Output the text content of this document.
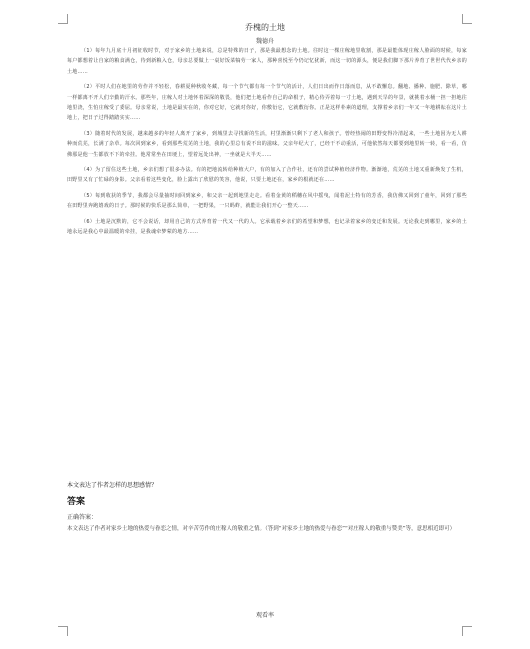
乔槐的土地
魏德舟

（1）每年九月底十月初征收时节，对于家乡的土地来说，总是特殊的日子，那是我最想念的土地。往时这一棵庄稼地里收割，那是最能体现庄稼人脸面的时候，每家每户都想着让自家的粮食满仓，待到新粮入仓，母亲总要做上一桌好饭菜犒劳一家人，那种喜悦至今仍记忆犹新，而这一切的源头，便是我们脚下那片养育了世世代代乡亲的土地……

（2）平时人们在地里的劳作并不轻松，春耕夏种秋收冬藏，每一个节气都有每一个节气的活计，人们日出而作日落而息，从不敢懈怠。翻地、播种、施肥、除草，哪一样都离不开人们辛勤的汗水。那些年，庄稼人对土地怀着深深的敬畏，他们把土地看作自己的命根子，精心侍弄着每一寸土地，遇到天旱的年景，就挑着水桶一担一担地往地里浇，生怕庄稼受了委屈。母亲常说，土地是最实在的，你对它好，它就对你好，你敷衍它，它就敷衍你。正是这样朴素的道理，支撑着乡亲们一年又一年地耕耘在这片土地上，把日子过得踏踏实实……

（3）随着时代的发展，越来越多的年轻人离开了家乡，到城里去寻找新的生活，村里渐渐只剩下了老人和孩子。曾经热闹的田野变得冷清起来，一些土地因为无人耕种而荒芜，长满了杂草。每次回到家乡，看到那些荒芜的土地，我的心里总有说不出的滋味。父亲年纪大了，已经干不动重活，可他依然每天都要到地里转一转，看一看，仿佛那是他一生都放不下的牵挂。他常常坐在田埂上，望着远处出神，一坐就是大半天……

（4）为了留住这些土地，乡亲们想了很多办法。有的把地流转给种植大户，有的加入了合作社，还有的尝试种植经济作物。渐渐地，荒芜的土地又重新焕发了生机，田野里又有了忙碌的身影。父亲看着这些变化，脸上露出了欣慰的笑容，他说，只要土地还在，家乡的根就还在……

（5）每到收获的季节，我都会尽量抽时间回到家乡，和父亲一起到地里走走。看着金黄的稻穗在风中摇曳，闻着泥土特有的芳香，我仿佛又回到了童年，回到了那些在田野里奔跑嬉戏的日子。那时候的快乐是那么简单，一把野果，一只蚂蚱，就能让我们开心一整天……

（6）土地是沉默的，它不会说话，却用自己的方式养育着一代又一代的人。它承载着乡亲们的希望和梦想，也记录着家乡的变迁和发展。无论我走到哪里，家乡的土地永远是我心中最温暖的牵挂，是我魂牵梦萦的地方……

本文表达了作者怎样的思想感情？
答案
正确答案：
本文表达了作者对家乡土地的热爱与眷恋之情，对辛苦劳作的庄稼人的敬重之情。（答到“对家乡土地的热爱与眷恋”“对庄稼人的敬重与赞美”等，意思相近即可）
观看率
